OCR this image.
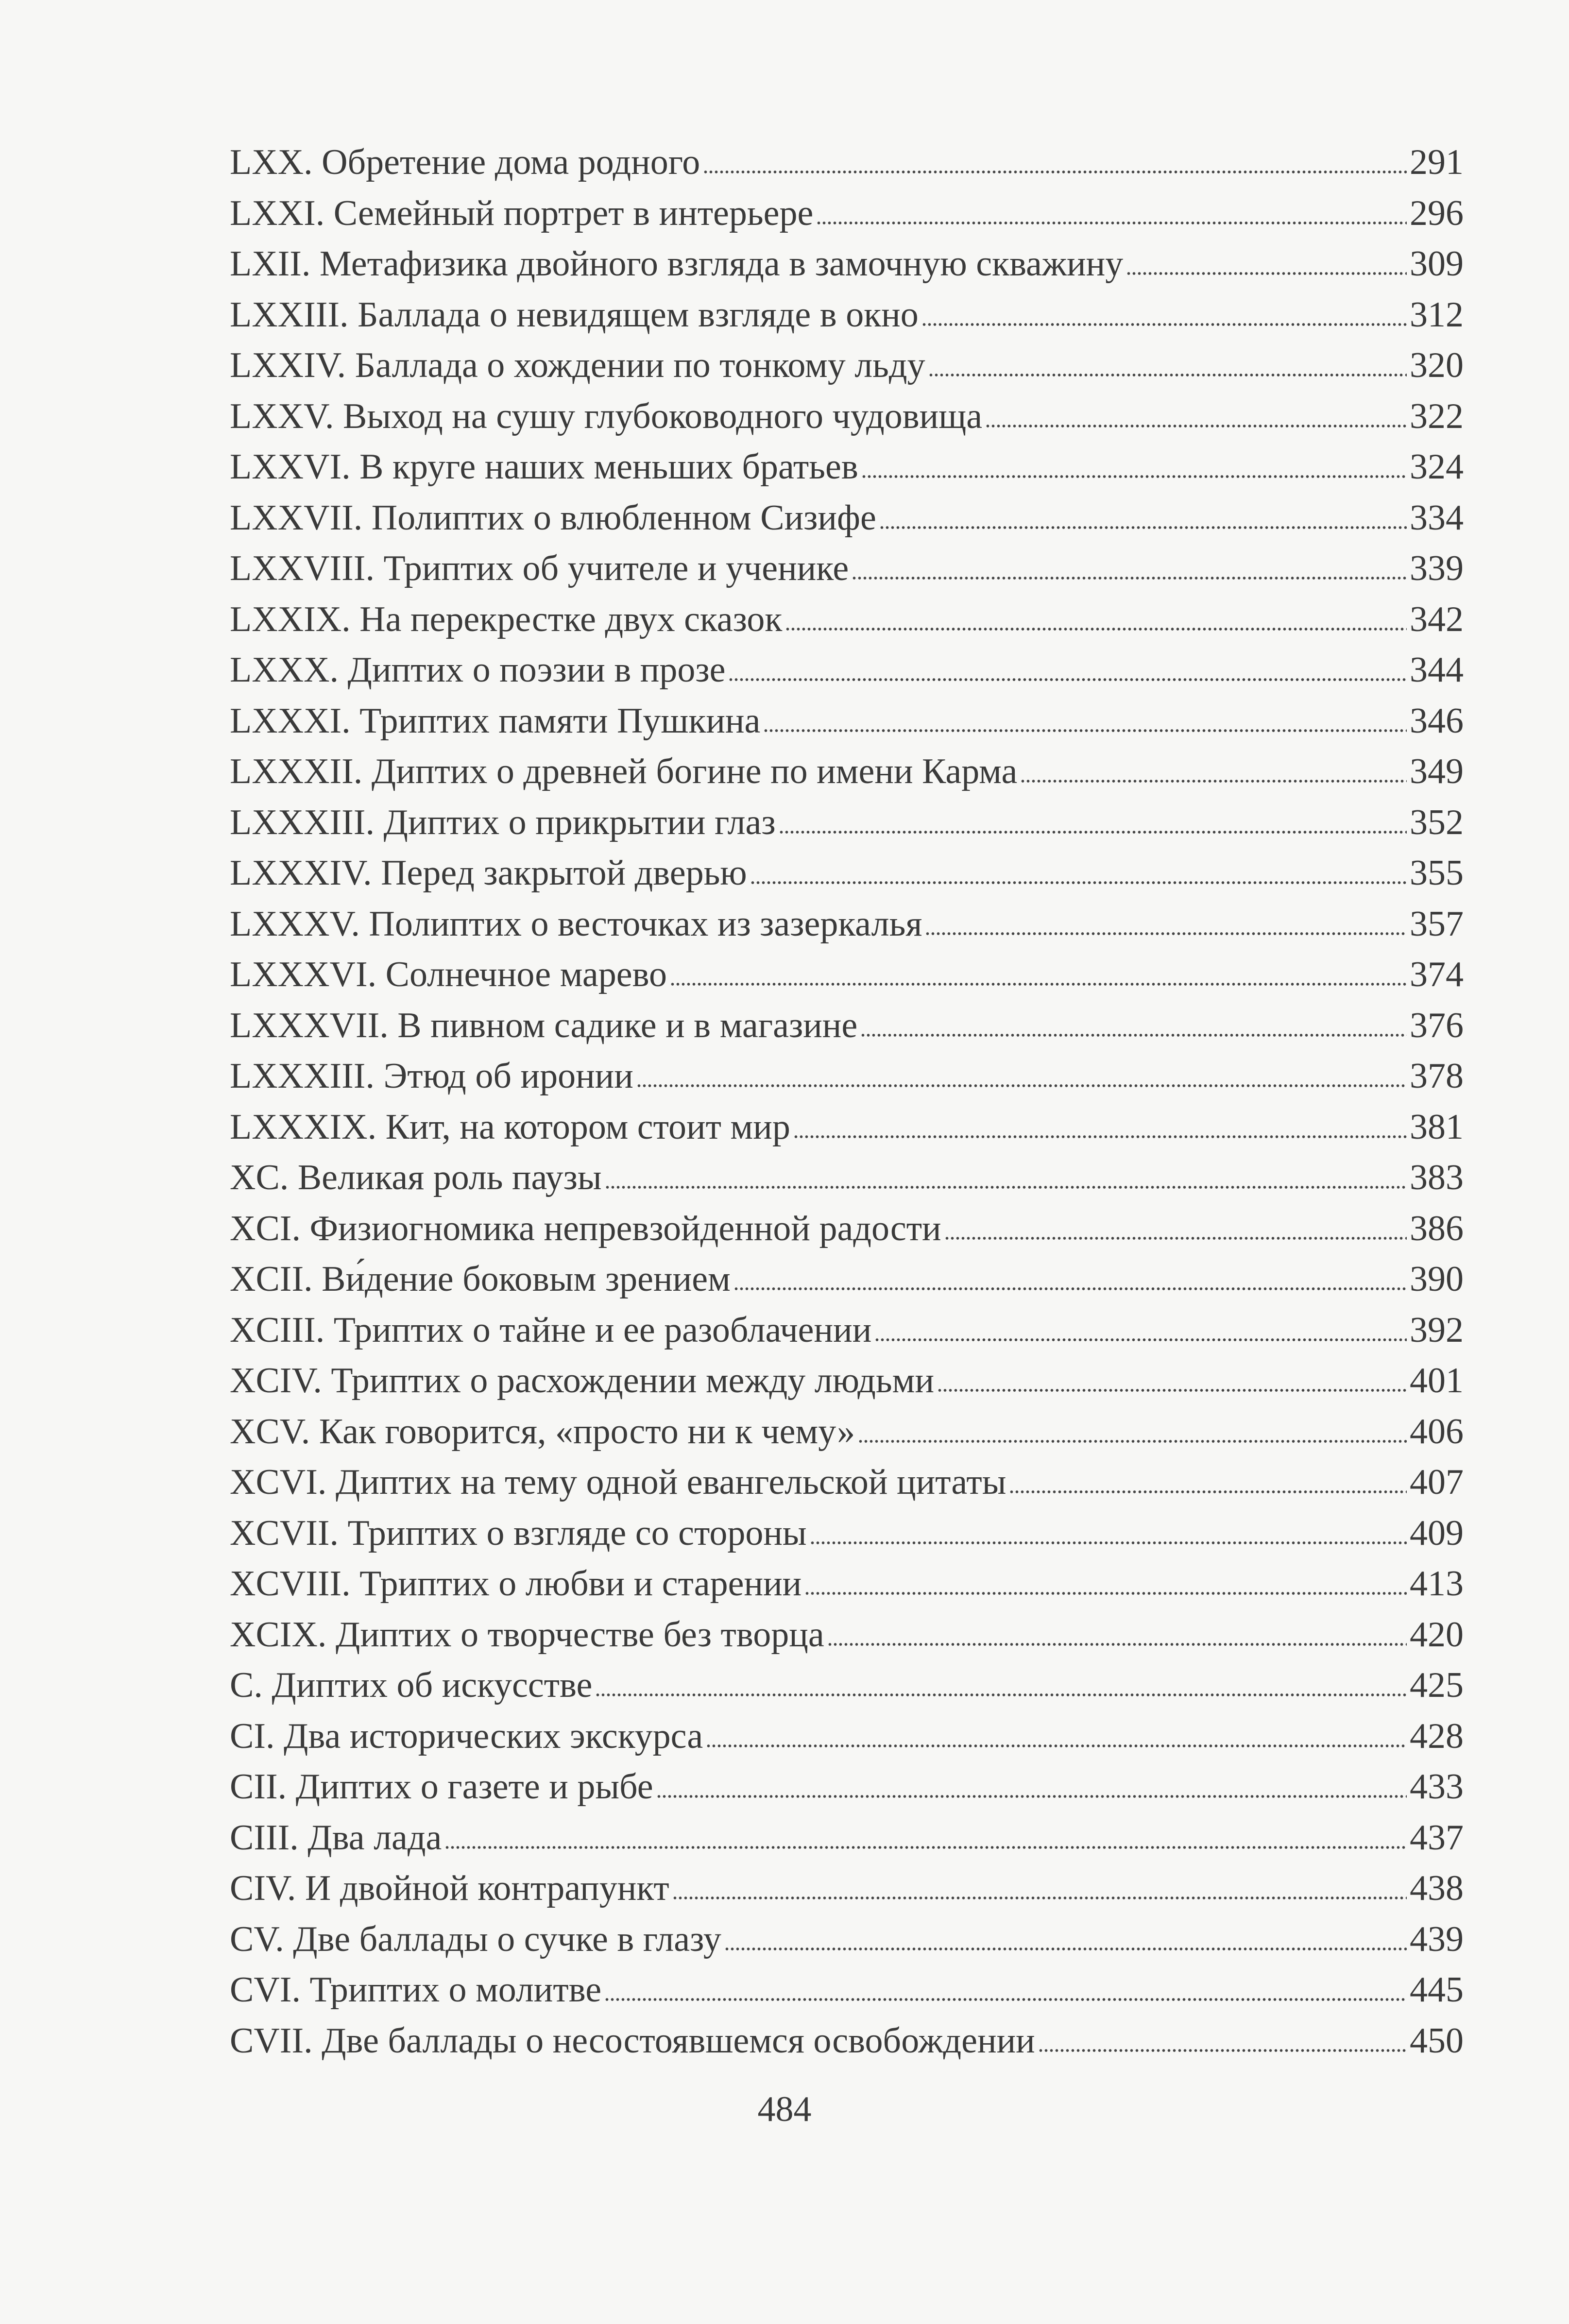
LXX. Обретение дома родного	291
LXXI. Семейный портрет в интерьере	296
LXII. Метафизика двойного взгляда в замочную скважину	309
LXXIII. Баллада о невидящем взгляде в окно	312
LXXIV. Баллада о хождении по тонкому льду	320
LXXV. Выход на сушу глубоководного чудовища	322
LXXVI. В круге наших меньших братьев	324
LXXVII. Полиптих о влюбленном Сизифе	334
LXXVIII. Триптих об учителе и ученике	339
LXXIX. На перекрестке двух сказок	342
LXXX. Диптих о поэзии в прозе	344
LXXXI. Триптих памяти Пушкина	346
LXXXII. Диптих о древней богине по имени Карма	349
LXXXIII. Диптих о прикрытии глаз	352
LXXXIV. Перед закрытой дверью	355
LXXXV. Полиптих о весточках из зазеркалья	357
LXXXVI. Солнечное марево	374
LXXXVII. В пивном садике и в магазине	376
LXXXIII. Этюд об иронии	378
LXXXIX. Кит, на котором стоит мир	381
XC. Великая роль паузы	383
XCI. Физиогномика непревзойденной радости	386
XCII. Ви́дение боковым зрением	390
XCIII. Триптих о тайне и ее разоблачении	392
XCIV. Триптих о расхождении между людьми	401
XCV. Как говорится, «просто ни к чему»	406
XCVI. Диптих на тему одной евангельской цитаты	407
XCVII. Триптих о взгляде со стороны	409
XCVIII. Триптих о любви и старении	413
XCIX. Диптих о творчестве без творца	420
C. Диптих об искусстве	425
CI. Два исторических экскурса	428
CII. Диптих о газете и рыбе	433
CIII. Два лада	437
CIV. И двойной контрапункт	438
CV. Две баллады о сучке в глазу	439
CVI. Триптих о молитве	445
CVII. Две баллады о несостоявшемся освобождении	450
484
